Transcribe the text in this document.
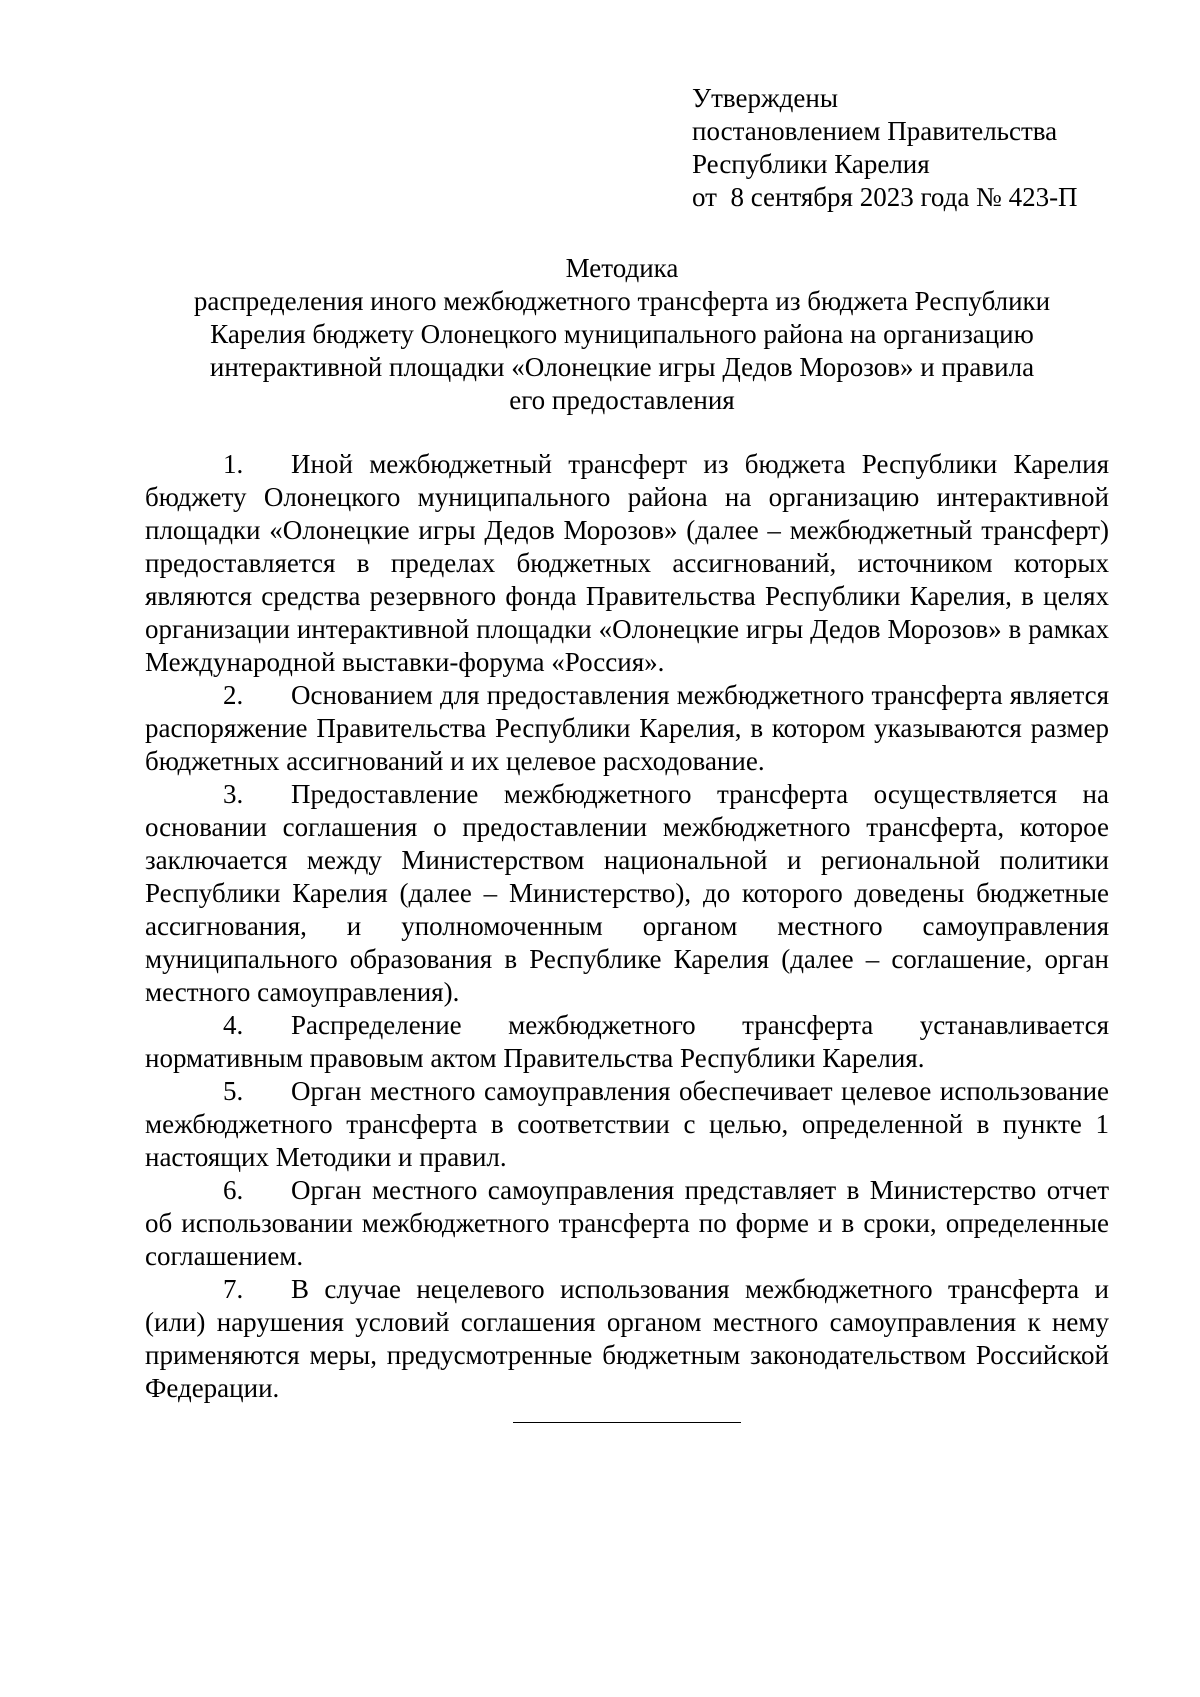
Утверждены
постановлением Правительства
Республики Карелия
от  8 сентября 2023 года № 423-П
Методика
распределения иного межбюджетного трансферта из бюджета Республики
Карелия бюджету Олонецкого муниципального района на организацию
интерактивной площадки «Олонецкие игры Дедов Морозов» и правила
его предоставления

1. Иной межбюджетный трансферт из бюджета Республики Карелия бюджету Олонецкого муниципального района на организацию интерактивной площадки «Олонецкие игры Дедов Морозов» (далее – межбюджетный трансферт) предоставляется в пределах бюджетных ассигнований, источником которых являются средства резервного фонда Правительства Республики Карелия, в целях организации интерактивной площадки «Олонецкие игры Дедов Морозов» в рамках Международной выставки-форума «Россия».

2. Основанием для предоставления межбюджетного трансферта является распоряжение Правительства Республики Карелия, в котором указываются размер бюджетных ассигнований и их целевое расходование.

3. Предоставление межбюджетного трансферта осуществляется на основании соглашения о предоставлении межбюджетного трансферта, которое заключается между Министерством национальной и региональной политики Республики Карелия (далее – Министерство), до которого доведены бюджетные ассигнования, и уполномоченным органом местного самоуправления муниципального образования в Республике Карелия (далее – соглашение, орган местного самоуправления).

4. Распределение межбюджетного трансферта устанавливается нормативным правовым актом Правительства Республики Карелия.

5. Орган местного самоуправления обеспечивает целевое использование межбюджетного трансферта в соответствии с целью, определенной в пункте 1 настоящих Методики и правил.

6. Орган местного самоуправления представляет в Министерство отчет об использовании межбюджетного трансферта по форме и в сроки, определенные соглашением.

7. В случае нецелевого использования межбюджетного трансферта и (или) нарушения условий соглашения органом местного самоуправления к нему применяются меры, предусмотренные бюджетным законодательством Российской Федерации.
